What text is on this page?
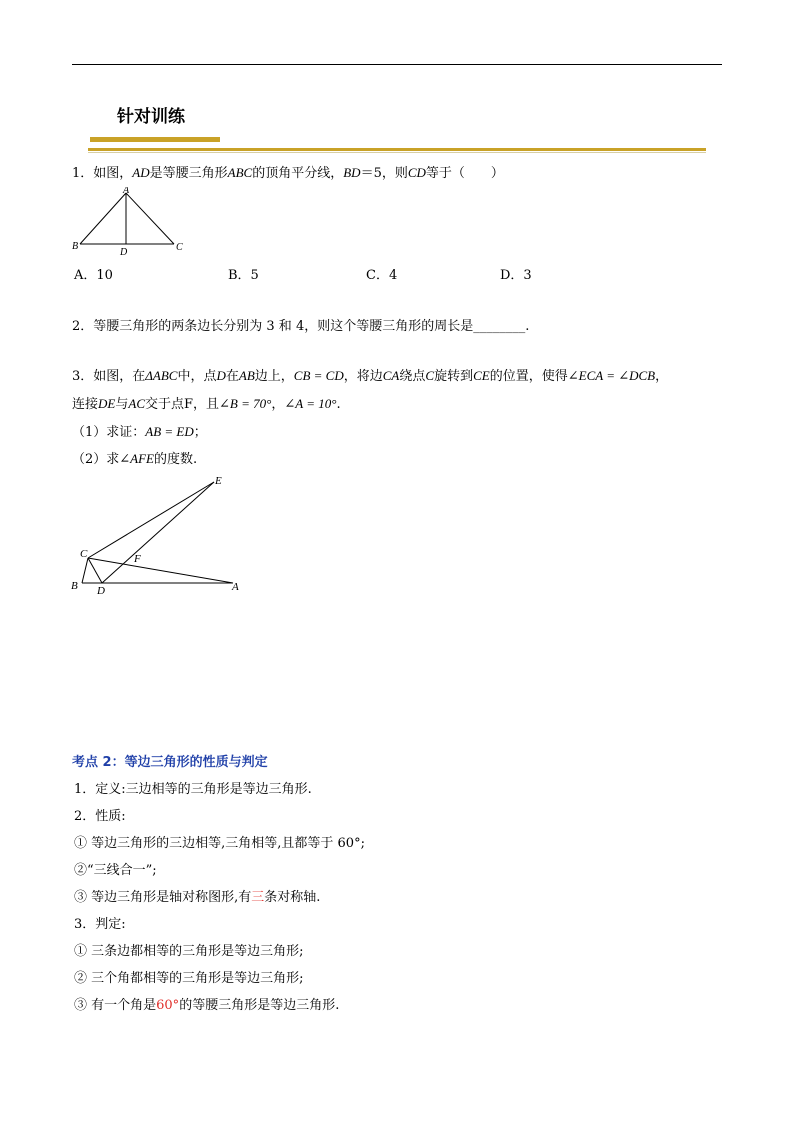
针对训练
1．如图，AD是等腰三角形ABC的顶角平分线，BD＝5，则CD等于（　　）
A
B	C
D
A．10	B．5	C．4	D．3
2．等腰三角形的两条边长分别为 3 和 4，则这个等腰三角形的周长是________.
3．如图，在ΔABC中，点D在AB边上，CB = CD，将边CA绕点C旋转到CE的位置，使得∠ECA = ∠DCB，
连接DE与AC交于点F，且∠B = 70°，∠A = 10°.
（1）求证：AB = ED；
（2）求∠AFE的度数.
E
C	F
B D	A
考点 2：等边三角形的性质与判定
1．定义:三边相等的三角形是等边三角形.
2．性质:
① 等边三角形的三边相等,三角相等,且都等于 60°;
②“三线合一”;
③ 等边三角形是轴对称图形,有三条对称轴.
3．判定:
① 三条边都相等的三角形是等边三角形;
② 三个角都相等的三角形是等边三角形;
③ 有一个角是60°的等腰三角形是等边三角形.
